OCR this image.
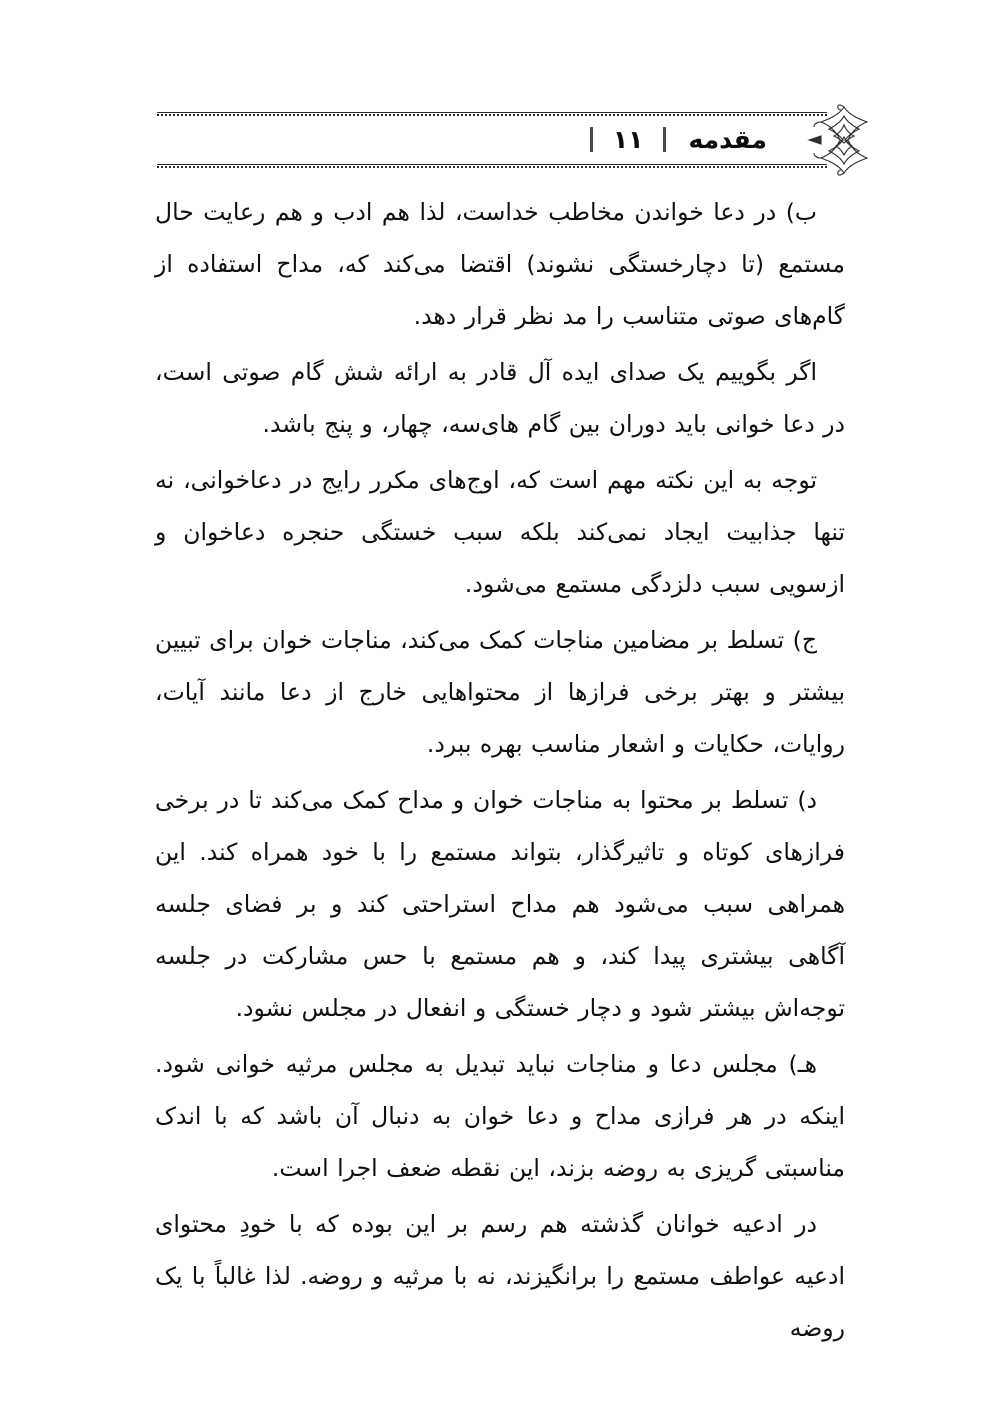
مقدمه
۱۱

ب) در دعا خواندن مخاطب خداست، لذا هم ادب و هم رعایت حال مستمع (تا دچارخستگی نشوند) اقتضا می‌کند که، مداح استفاده از گام‌های صوتی متناسب را مد نظر قرار دهد.

اگر بگوییم یک صدای ایده آل قادر به ارائه شش گام صوتی است، در دعا خوانی باید دوران بین گام های‌سه، چهار، و پنج باشد.

توجه به این نکته مهم است که، اوج‌های مکرر رایج در دعاخوانی، نه تنها جذابیت ایجاد نمی‌کند بلکه سبب خستگی حنجره دعاخوان و ازسویی سبب دلزدگی مستمع می‌شود.

ج) تسلط بر مضامین مناجات کمک می‌کند، مناجات خوان برای تبیین بیشتر و بهتر برخی فرازها از محتواهایی خارج از دعا مانند آیات، روایات، حکایات و اشعار مناسب بهره ببرد.

د) تسلط بر محتوا به مناجات خوان و مداح کمک می‌کند تا در برخی فرازهای کوتاه و تاثیرگذار، بتواند مستمع را با خود همراه کند. این همراهی سبب می‌شود هم مداح استراحتی کند و بر فضای جلسه آگاهی بیشتری پیدا کند، و هم مستمع با حس مشارکت در جلسه توجه‌اش بیشتر شود و دچار خستگی و انفعال در مجلس نشود.

هـ) مجلس دعا و مناجات نباید تبدیل به مجلس مرثیه خوانی شود. اینکه در هر فرازی مداح و دعا خوان به دنبال آن باشد که با اندک مناسبتی گریزی به روضه بزند، این نقطه ضعف اجرا است.

در ادعیه خوانان گذشته هم رسم بر این بوده که با خودِ محتوای ادعیه عواطف مستمع را برانگیزند، نه با مرثیه و روضه. لذا غالباً با یک روضه
